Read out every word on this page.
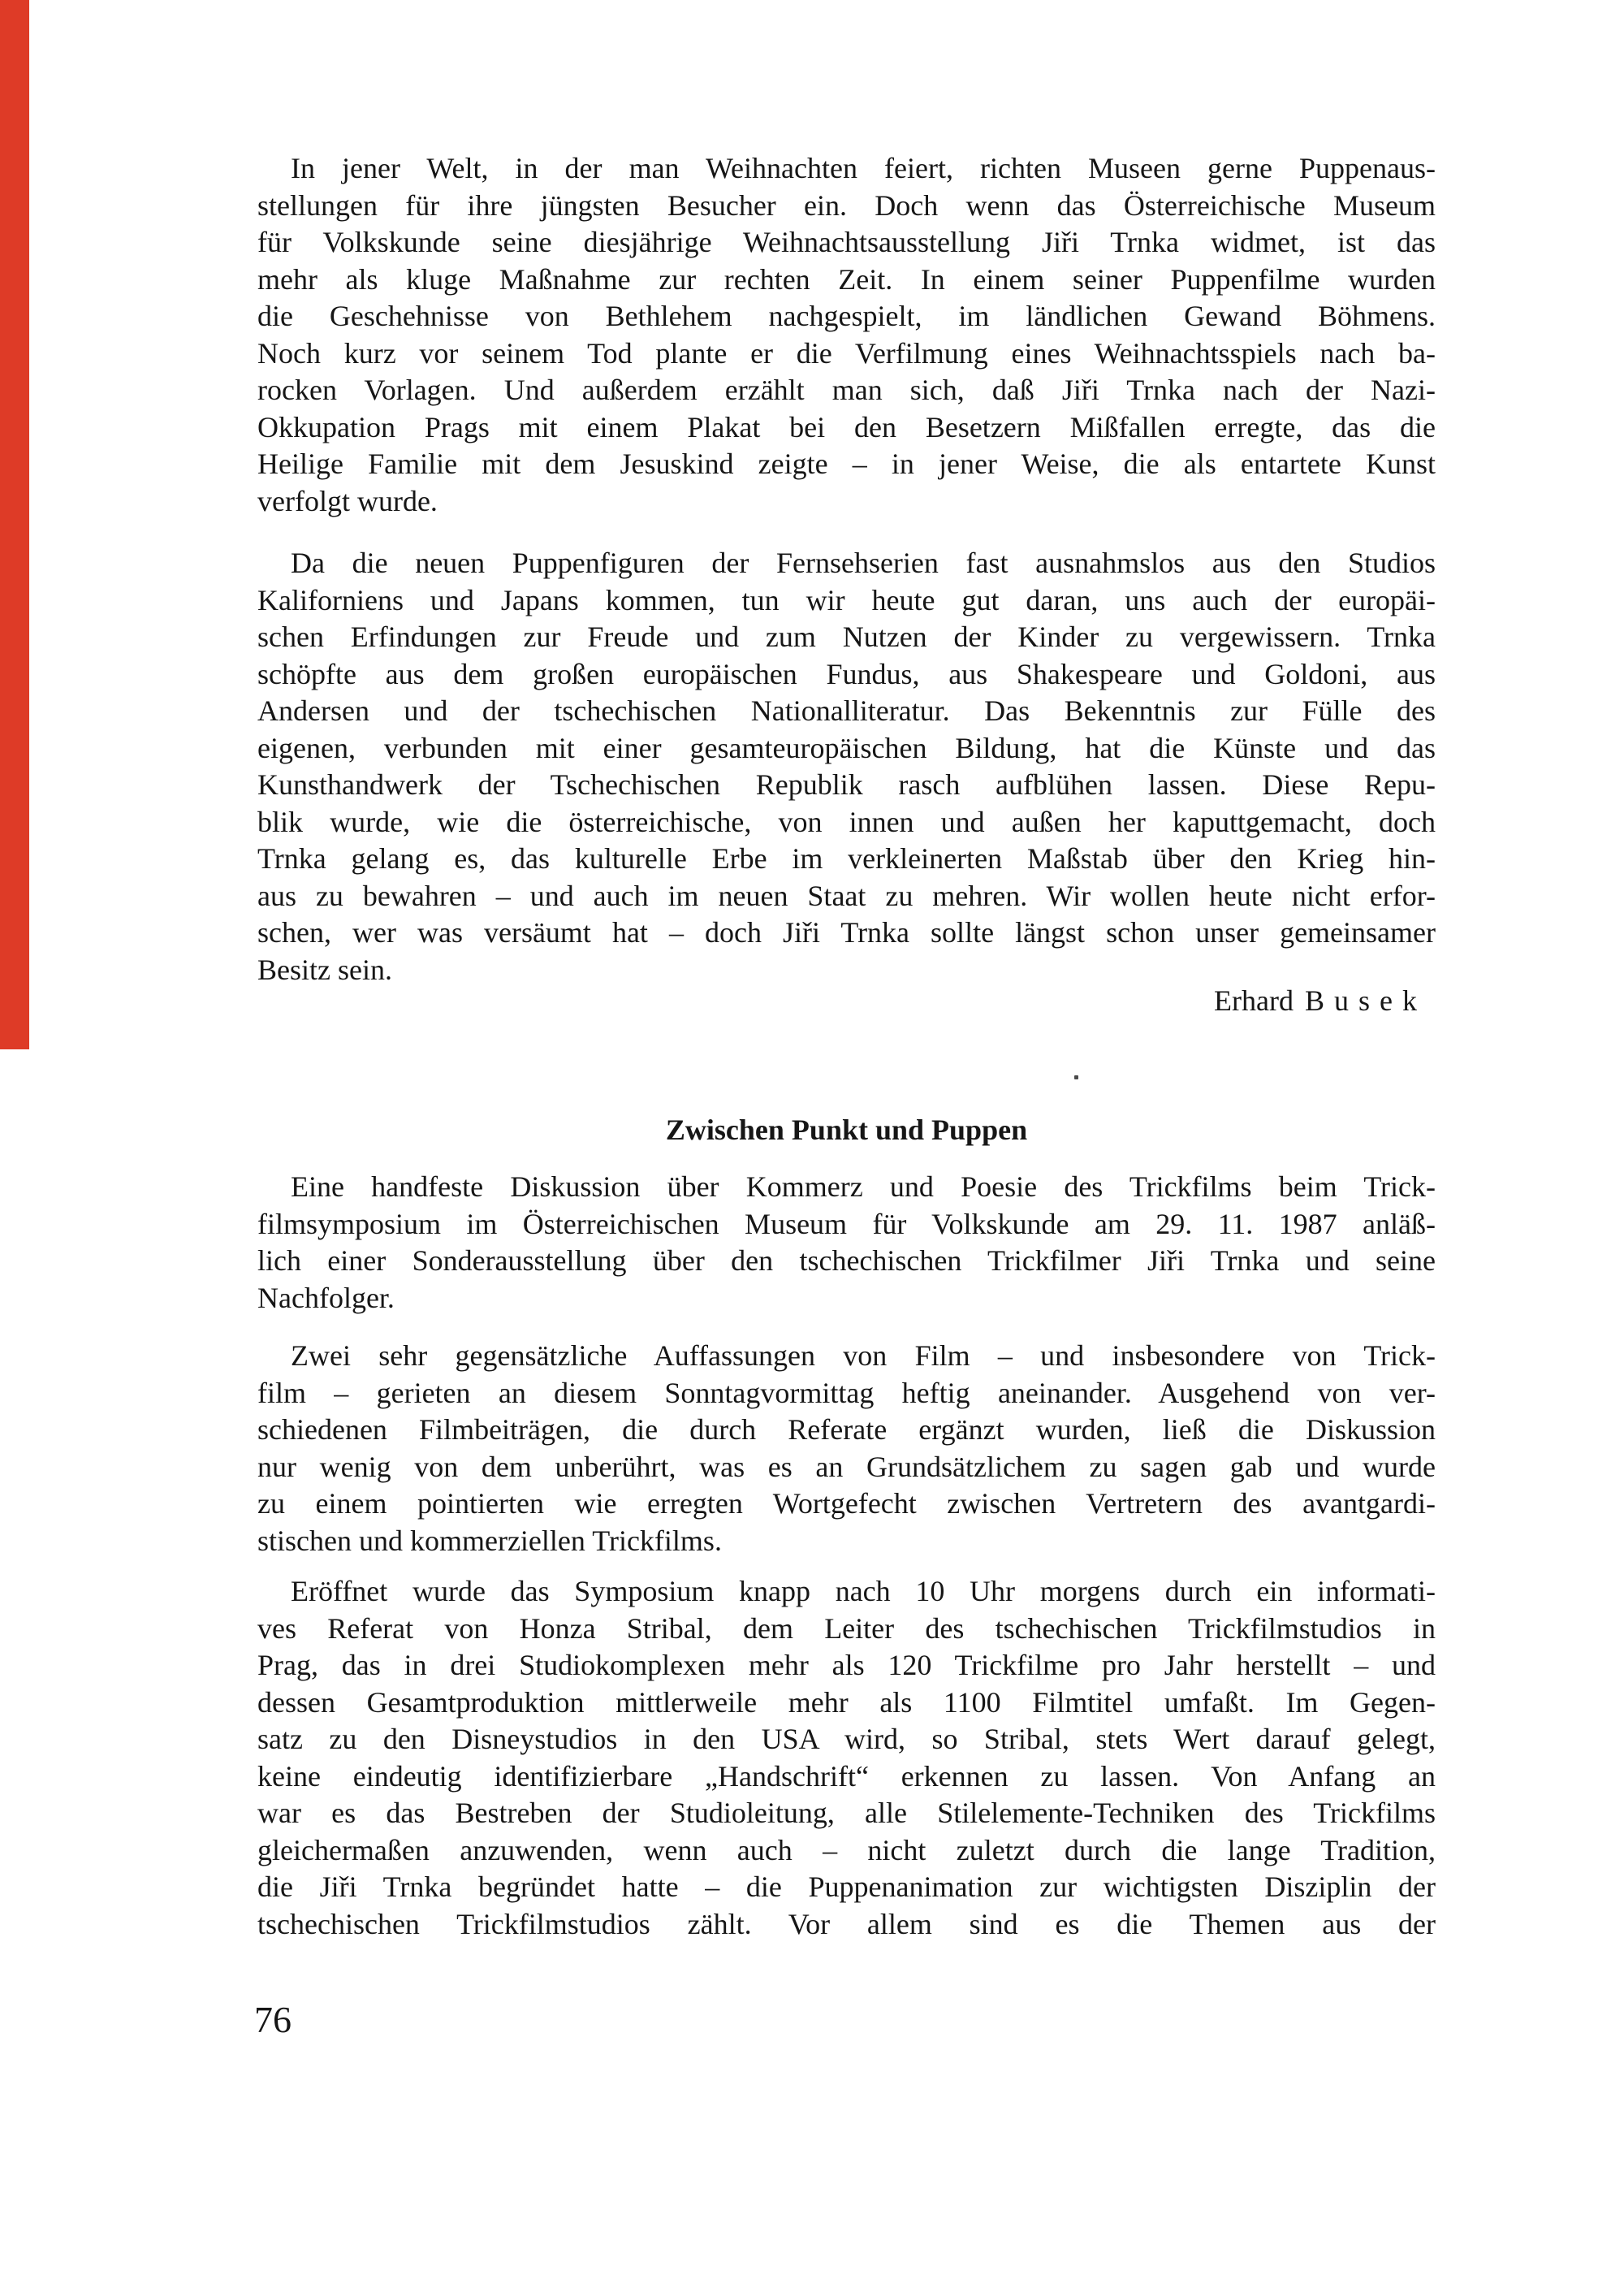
In jener Welt, in der man Weihnachten feiert, richten Museen gerne Puppenaus-
stellungen für ihre jüngsten Besucher ein. Doch wenn das Österreichische Museum
für Volkskunde seine diesjährige Weihnachtsausstellung Jiři Trnka widmet, ist das
mehr als kluge Maßnahme zur rechten Zeit. In einem seiner Puppenfilme wurden
die Geschehnisse von Bethlehem nachgespielt, im ländlichen Gewand Böhmens.
Noch kurz vor seinem Tod plante er die Verfilmung eines Weihnachtsspiels nach ba-
rocken Vorlagen. Und außerdem erzählt man sich, daß Jiři Trnka nach der Nazi-
Okkupation Prags mit einem Plakat bei den Besetzern Mißfallen erregte, das die
Heilige Familie mit dem Jesuskind zeigte – in jener Weise, die als entartete Kunst
verfolgt wurde.
Da die neuen Puppenfiguren der Fernsehserien fast ausnahmslos aus den Studios
Kaliforniens und Japans kommen, tun wir heute gut daran, uns auch der europäi-
schen Erfindungen zur Freude und zum Nutzen der Kinder zu vergewissern. Trnka
schöpfte aus dem großen europäischen Fundus, aus Shakespeare und Goldoni, aus
Andersen und der tschechischen Nationalliteratur. Das Bekenntnis zur Fülle des
eigenen, verbunden mit einer gesamteuropäischen Bildung, hat die Künste und das
Kunsthandwerk der Tschechischen Republik rasch aufblühen lassen. Diese Repu-
blik wurde, wie die österreichische, von innen und außen her kaputtgemacht, doch
Trnka gelang es, das kulturelle Erbe im verkleinerten Maßstab über den Krieg hin-
aus zu bewahren – und auch im neuen Staat zu mehren. Wir wollen heute nicht erfor-
schen, wer was versäumt hat – doch Jiři Trnka sollte längst schon unser gemeinsamer
Besitz sein.
Erhard Busek
Zwischen Punkt und Puppen
Eine handfeste Diskussion über Kommerz und Poesie des Trickfilms beim Trick-
filmsymposium im Österreichischen Museum für Volkskunde am 29. 11. 1987 anläß-
lich einer Sonderausstellung über den tschechischen Trickfilmer Jiři Trnka und seine
Nachfolger.
Zwei sehr gegensätzliche Auffassungen von Film – und insbesondere von Trick-
film – gerieten an diesem Sonntagvormittag heftig aneinander. Ausgehend von ver-
schiedenen Filmbeiträgen, die durch Referate ergänzt wurden, ließ die Diskussion
nur wenig von dem unberührt, was es an Grundsätzlichem zu sagen gab und wurde
zu einem pointierten wie erregten Wortgefecht zwischen Vertretern des avantgardi-
stischen und kommerziellen Trickfilms.
Eröffnet wurde das Symposium knapp nach 10 Uhr morgens durch ein informati-
ves Referat von Honza Stribal, dem Leiter des tschechischen Trickfilmstudios in
Prag, das in drei Studiokomplexen mehr als 120 Trickfilme pro Jahr herstellt – und
dessen Gesamtproduktion mittlerweile mehr als 1100 Filmtitel umfaßt. Im Gegen-
satz zu den Disneystudios in den USA wird, so Stribal, stets Wert darauf gelegt,
keine eindeutig identifizierbare „Handschrift“ erkennen zu lassen. Von Anfang an
war es das Bestreben der Studioleitung, alle Stilelemente-Techniken des Trickfilms
gleichermaßen anzuwenden, wenn auch – nicht zuletzt durch die lange Tradition,
die Jiři Trnka begründet hatte – die Puppenanimation zur wichtigsten Disziplin der
tschechischen Trickfilmstudios zählt. Vor allem sind es die Themen aus der
76
